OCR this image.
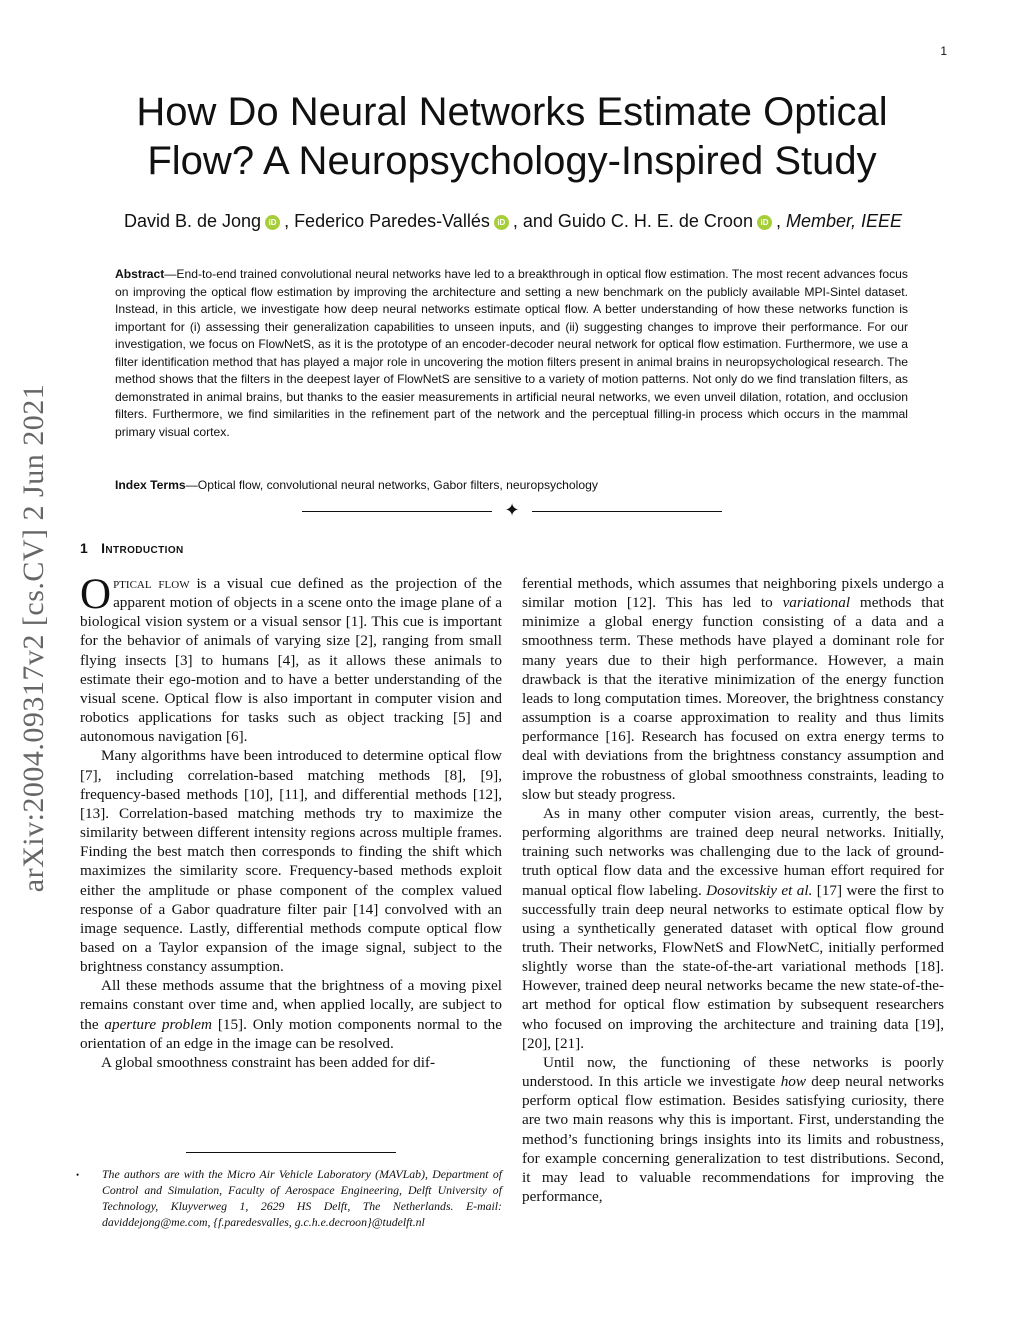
1
arXiv:2004.09317v2 [cs.CV] 2 Jun 2021
How Do Neural Networks Estimate Optical
Flow? A Neuropsychology-Inspired Study
David B. de Jong iD , Federico Paredes-Vallés iD , and Guido C. H. E. de Croon iD , Member, IEEE
Abstract—End-to-end trained convolutional neural networks have led to a breakthrough in optical flow estimation. The most recent advances focus on improving the optical flow estimation by improving the architecture and setting a new benchmark on the publicly available MPI-Sintel dataset. Instead, in this article, we investigate how deep neural networks estimate optical flow. A better understanding of how these networks function is important for (i) assessing their generalization capabilities to unseen inputs, and (ii) suggesting changes to improve their performance. For our investigation, we focus on FlowNetS, as it is the prototype of an encoder-decoder neural network for optical flow estimation. Furthermore, we use a filter identification method that has played a major role in uncovering the motion filters present in animal brains in neuropsychological research. The method shows that the filters in the deepest layer of FlowNetS are sensitive to a variety of motion patterns. Not only do we find translation filters, as demonstrated in animal brains, but thanks to the easier measurements in artificial neural networks, we even unveil dilation, rotation, and occlusion filters. Furthermore, we find similarities in the refinement part of the network and the perceptual filling-in process which occurs in the mammal primary visual cortex.
Index Terms—Optical flow, convolutional neural networks, Gabor filters, neuropsychology
✦
1 Introduction

Optical flow is a visual cue defined as the projection of the apparent motion of objects in a scene onto the image plane of a biological vision system or a visual sensor [1]. This cue is important for the behavior of animals of varying size [2], ranging from small flying insects [3] to humans [4], as it allows these animals to estimate their ego-motion and to have a better understanding of the visual scene. Optical flow is also important in computer vision and robotics applications for tasks such as object tracking [5] and autonomous navigation [6].

Many algorithms have been introduced to determine optical flow [7], including correlation-based matching methods [8], [9], frequency-based methods [10], [11], and differential methods [12], [13]. Correlation-based matching methods try to maximize the similarity between different intensity regions across multiple frames. Finding the best match then corresponds to finding the shift which maximizes the similarity score. Frequency-based methods exploit either the amplitude or phase component of the complex valued response of a Gabor quadrature filter pair [14] convolved with an image sequence. Lastly, differential methods compute optical flow based on a Taylor expansion of the image signal, subject to the brightness constancy assumption.

All these methods assume that the brightness of a moving pixel remains constant over time and, when applied locally, are subject to the aperture problem [15]. Only motion components normal to the orientation of an edge in the image can be resolved.

A global smoothness constraint has been added for dif-

ferential methods, which assumes that neighboring pixels undergo a similar motion [12]. This has led to variational methods that minimize a global energy function consisting of a data and a smoothness term. These methods have played a dominant role for many years due to their high performance. However, a main drawback is that the iterative minimization of the energy function leads to long computation times. Moreover, the brightness constancy assumption is a coarse approximation to reality and thus limits performance [16]. Research has focused on extra energy terms to deal with deviations from the brightness constancy assumption and improve the robustness of global smoothness constraints, leading to slow but steady progress.

As in many other computer vision areas, currently, the best-performing algorithms are trained deep neural networks. Initially, training such networks was challenging due to the lack of ground-truth optical flow data and the excessive human effort required for manual optical flow labeling. Dosovitskiy et al. [17] were the first to successfully train deep neural networks to estimate optical flow by using a synthetically generated dataset with optical flow ground truth. Their networks, FlowNetS and FlowNetC, initially performed slightly worse than the state-of-the-art variational methods [18]. However, trained deep neural networks became the new state-of-the-art method for optical flow estimation by subsequent researchers who focused on improving the architecture and training data [19], [20], [21].

Until now, the functioning of these networks is poorly understood. In this article we investigate how deep neural networks perform optical flow estimation. Besides satisfying curiosity, there are two main reasons why this is important. First, understanding the method’s functioning brings insights into its limits and robustness, for example concerning generalization to test distributions. Second, it may lead to valuable recommendations for improving the performance,

• The authors are with the Micro Air Vehicle Laboratory (MAVLab), Department of Control and Simulation, Faculty of Aerospace Engineering, Delft University of Technology, Kluyverweg 1, 2629 HS Delft, The Netherlands. E-mail: daviddejong@me.com, {f.paredesvalles, g.c.h.e.decroon}@tudelft.nl
